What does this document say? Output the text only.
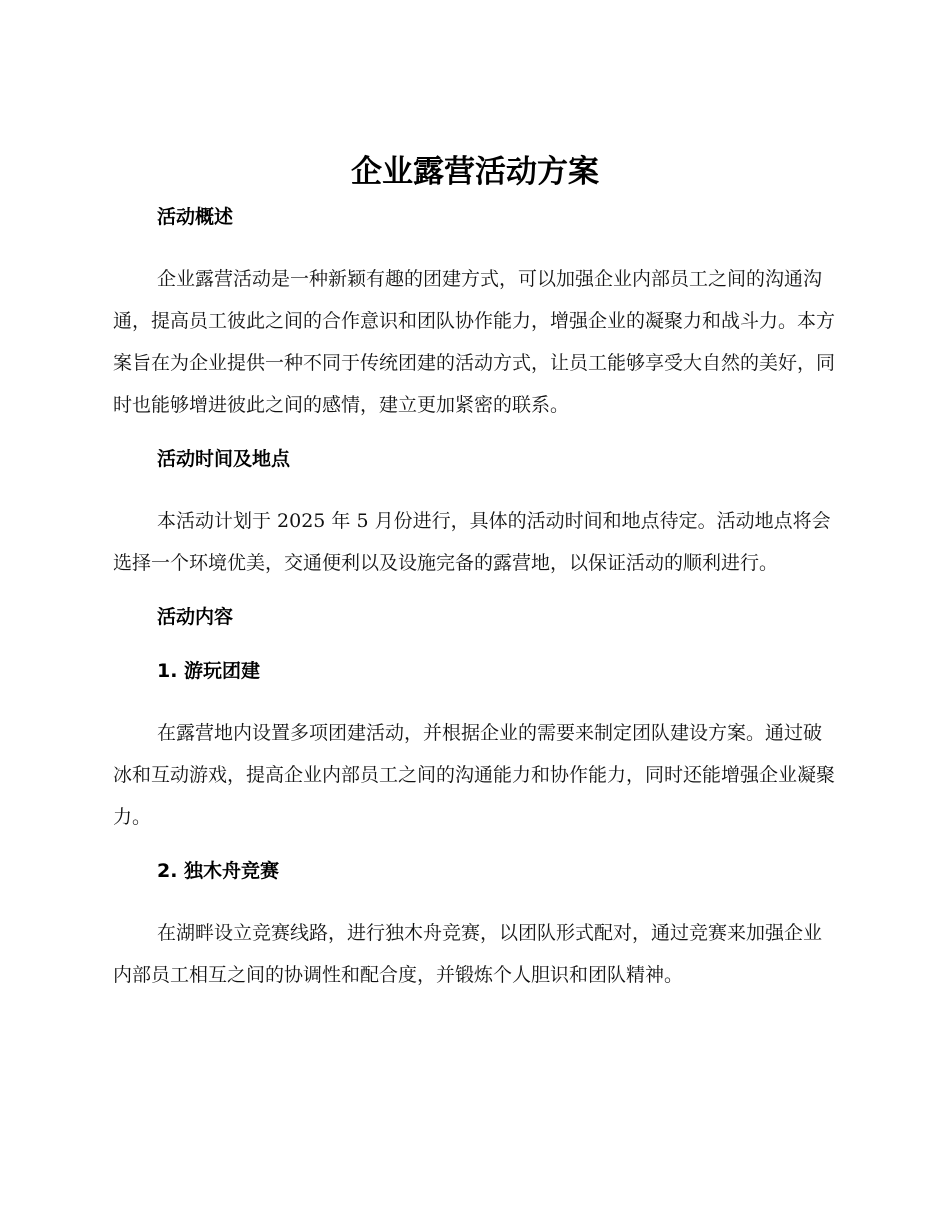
企业露营活动方案
活动概述

企业露营活动是一种新颖有趣的团建方式，可以加强企业内部员工之间的沟通沟通，提高员工彼此之间的合作意识和团队协作能力，增强企业的凝聚力和战斗力。本方案旨在为企业提供一种不同于传统团建的活动方式，让员工能够享受大自然的美好，同时也能够增进彼此之间的感情，建立更加紧密的联系。

活动时间及地点

本活动计划于 2025 年 5 月份进行，具体的活动时间和地点待定。活动地点将会选择一个环境优美，交通便利以及设施完备的露营地，以保证活动的顺利进行。

活动内容
1. 游玩团建

在露营地内设置多项团建活动，并根据企业的需要来制定团队建设方案。通过破冰和互动游戏，提高企业内部员工之间的沟通能力和协作能力，同时还能增强企业凝聚力。

2. 独木舟竞赛

在湖畔设立竞赛线路，进行独木舟竞赛，以团队形式配对，通过竞赛来加强企业内部员工相互之间的协调性和配合度，并锻炼个人胆识和团队精神。
